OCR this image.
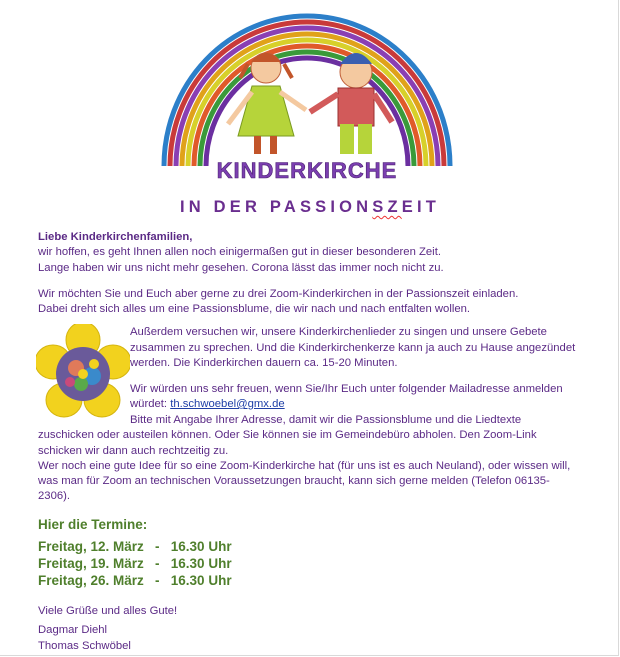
KINDERKIRCHE
IN DER PASSIONSZEIT
Liebe Kinderkirchenfamilien,
wir hoffen, es geht Ihnen allen noch einigermaßen gut in dieser besonderen Zeit.
Lange haben wir uns nicht mehr gesehen. Corona lässt das immer noch nicht zu.
Wir möchten Sie und Euch aber gerne zu drei Zoom-Kinderkirchen in der Passionszeit einladen.
Dabei dreht sich alles um eine Passionsblume, die wir nach und nach entfalten wollen.
Außerdem versuchen wir, unsere Kinderkirchenlieder zu singen und unsere Gebete
zusammen zu sprechen. Und die Kinderkirchenkerze kann ja auch zu Hause angezündet
werden. Die Kinderkirchen dauern ca. 15-20 Minuten.
Wir würden uns sehr freuen, wenn Sie/Ihr Euch unter folgender Mailadresse anmelden
würdet: th.schwoebel@gmx.de
Bitte mit Angabe Ihrer Adresse, damit wir die Passionsblume und die Liedtexte
zuschicken oder austeilen können. Oder Sie können sie im Gemeindebüro abholen. Den Zoom-Link
schicken wir dann auch rechtzeitig zu.
Wer noch eine gute Idee für so eine Zoom-Kinderkirche hat (für uns ist es auch Neuland), oder wissen will,
was man für Zoom an technischen Voraussetzungen braucht, kann sich gerne melden (Telefon 06135-
2306).
Hier die Termine:
Freitag, 12. März   -   16.30 Uhr
Freitag, 19. März   -   16.30 Uhr
Freitag, 26. März   -   16.30 Uhr
Viele Grüße und alles Gute!
Dagmar Diehl
Thomas Schwöbel
